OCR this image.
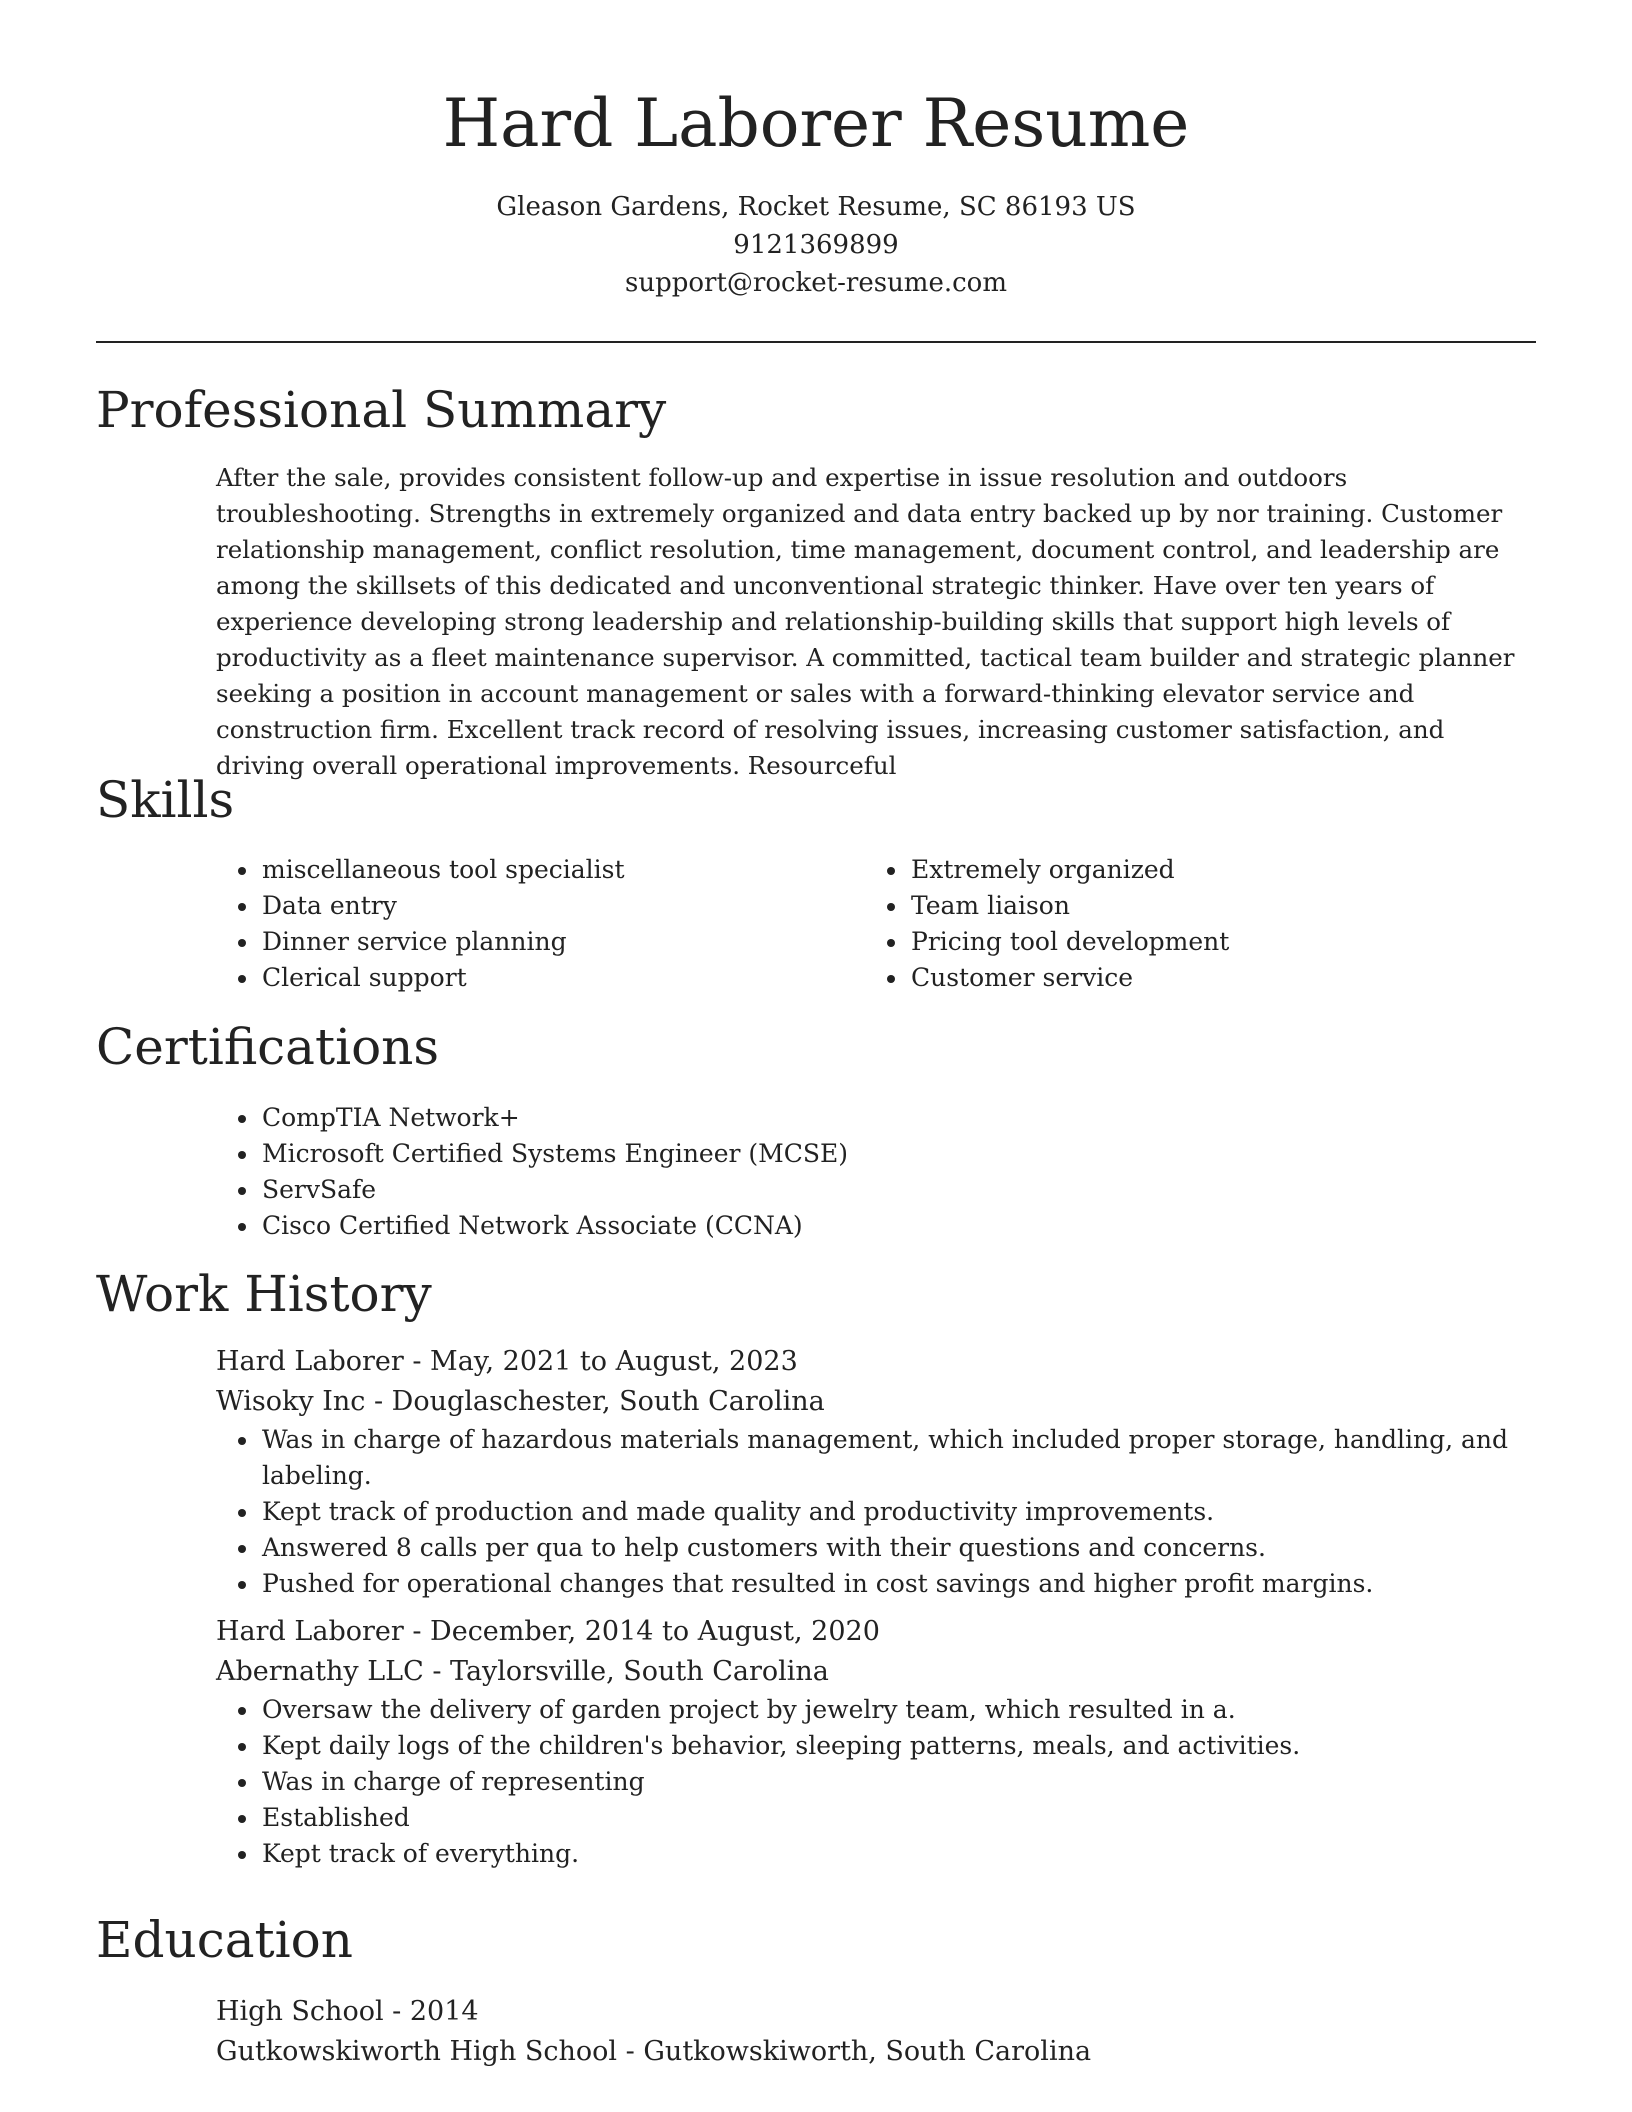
Hard Laborer Resume
Gleason Gardens, Rocket Resume, SC 86193 US
9121369899
support@rocket-resume.com
Professional Summary

After the sale, provides consistent follow-up and expertise in issue resolution and outdoors troubleshooting. Strengths in extremely organized and data entry backed up by nor training. Customer relationship management, conflict resolution, time management, document control, and leadership are among the skillsets of this dedicated and unconventional strategic thinker. Have over ten years of experience developing strong leadership and relationship-building skills that support high levels of productivity as a fleet maintenance supervisor. A committed, tactical team builder and strategic planner seeking a position in account management or sales with a forward-thinking elevator service and construction firm. Excellent track record of resolving issues, increasing customer satisfaction, and driving overall operational improvements. Resourceful

Skills
• miscellaneous tool specialist
• Data entry
• Dinner service planning
• Clerical support
• Extremely organized
• Team liaison
• Pricing tool development
• Customer service
Certifications
• CompTIA Network+
• Microsoft Certified Systems Engineer (MCSE)
• ServSafe
• Cisco Certified Network Associate (CCNA)
Work History
Hard Laborer - May, 2021 to August, 2023
Wisoky Inc - Douglaschester, South Carolina
• Was in charge of hazardous materials management, which included proper storage, handling, and labeling.
• Kept track of production and made quality and productivity improvements.
• Answered 8 calls per qua to help customers with their questions and concerns.
• Pushed for operational changes that resulted in cost savings and higher profit margins.
Hard Laborer - December, 2014 to August, 2020
Abernathy LLC - Taylorsville, South Carolina
• Oversaw the delivery of garden project by jewelry team, which resulted in a.
• Kept daily logs of the children's behavior, sleeping patterns, meals, and activities.
• Was in charge of representing
• Established
• Kept track of everything.
Education
High School - 2014
Gutkowskiworth High School - Gutkowskiworth, South Carolina
